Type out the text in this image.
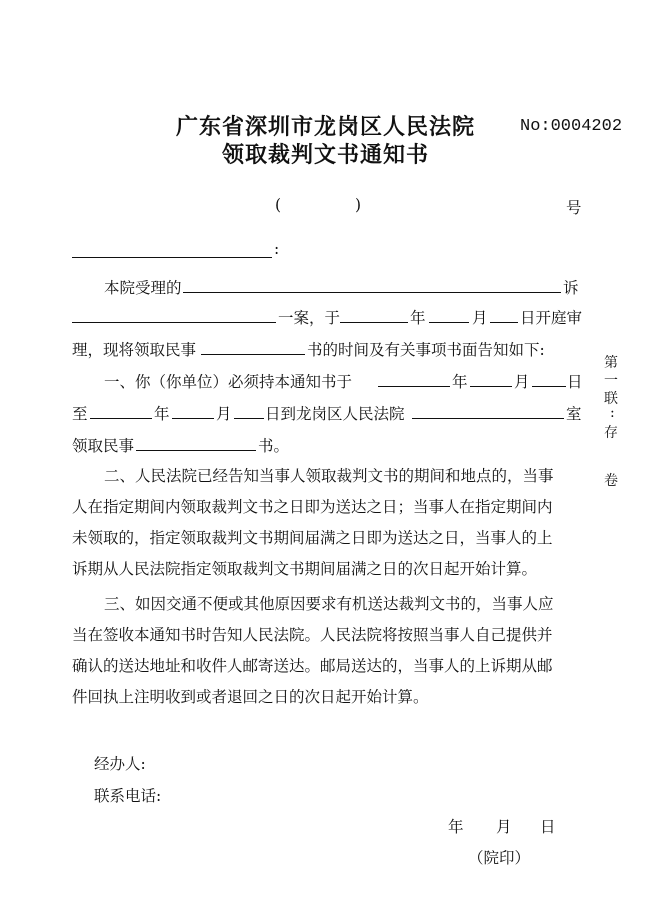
广东省深圳市龙岗区人民法院
领取裁判文书通知书
No:0004202
(	)	号
:
本院受理的	诉
一案，于	年	月 日开庭审
理，现将领取民事	书的时间及有关事项书面告知如下:
一、你（你单位）必须持本通知书于	年	月 日
至	年	月 日到龙岗区人民法院	室
领取民事	书。
二、人民法院已经告知当事人领取裁判文书的期间和地点的，当事
人在指定期间内领取裁判文书之日即为送达之日；当事人在指定期间内
未领取的，指定领取裁判文书期间届满之日即为送达之日，当事人的上
诉期从人民法院指定领取裁判文书期间届满之日的次日起开始计算。
三、如因交通不便或其他原因要求有机送达裁判文书的，当事人应
当在签收本通知书时告知人民法院。人民法院将按照当事人自己提供并
确认的送达地址和收件人邮寄送达。邮局送达的，当事人的上诉期从邮
件回执上注明收到或者退回之日的次日起开始计算。
经办人:
联系电话:
年 月 日
（院印）
第
一
联
:
存
卷
